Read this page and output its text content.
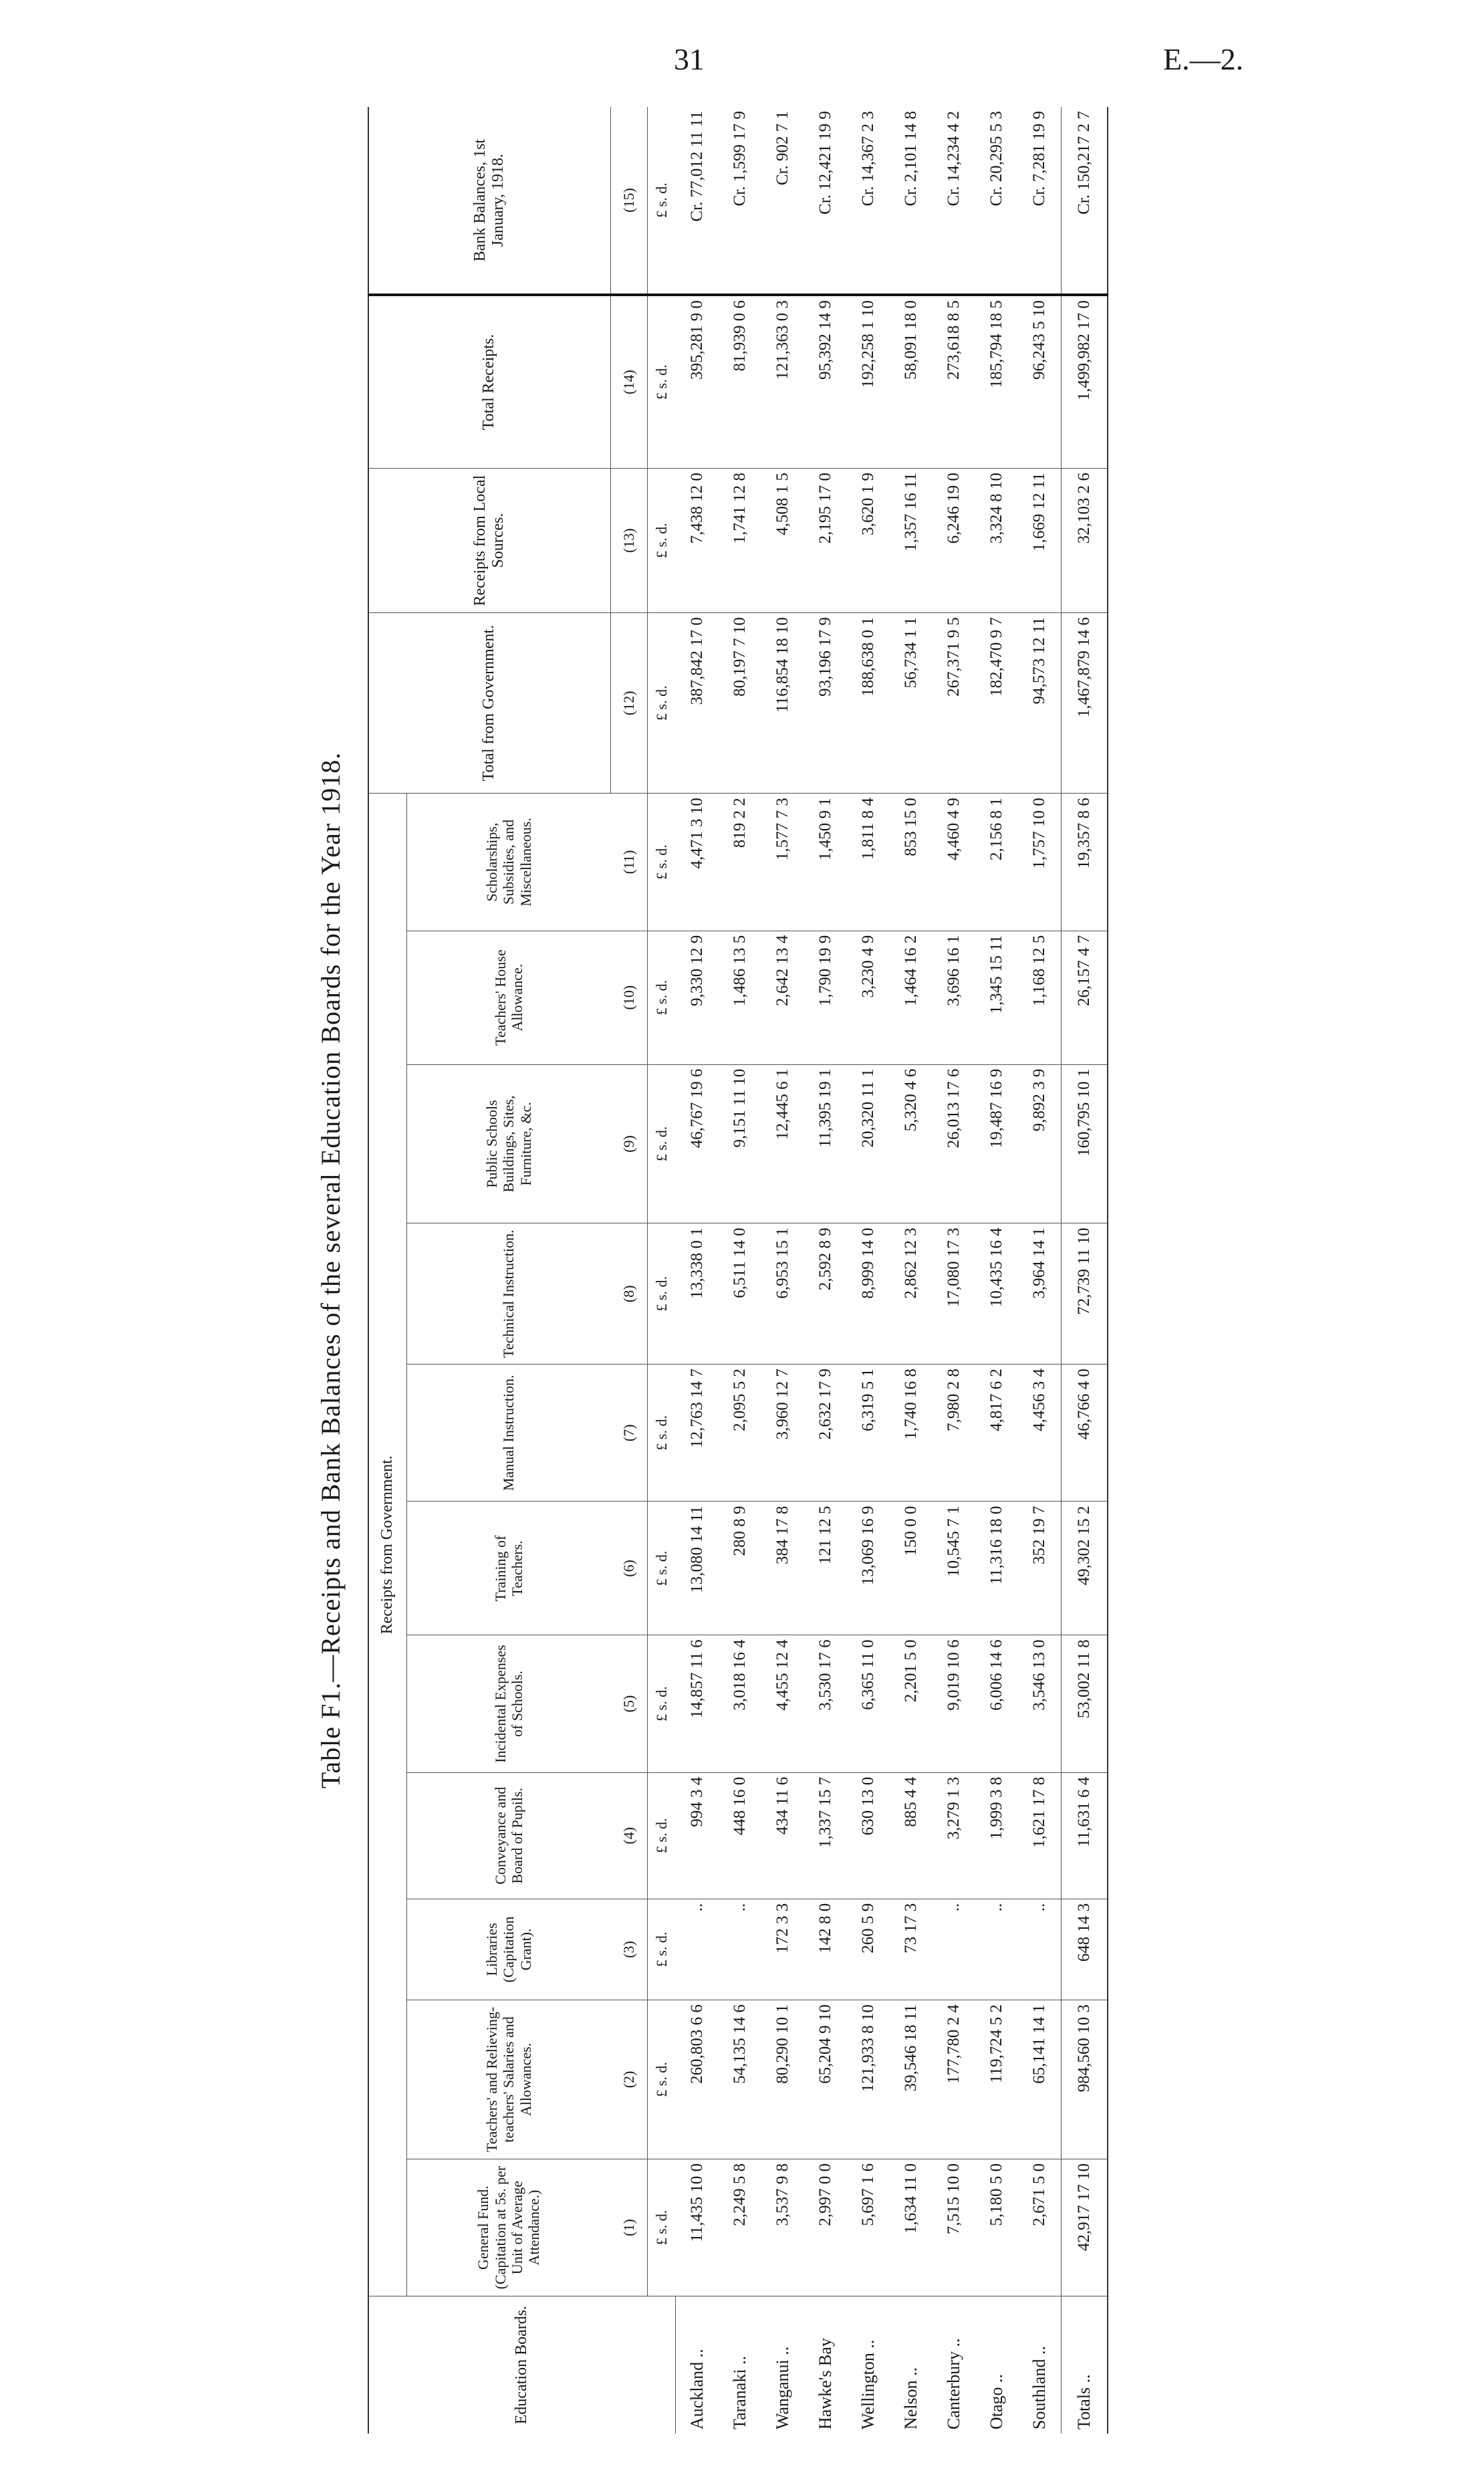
31	E.—2.
Table F1.—Receipts and Bank Balances of the several Education Boards for the Year 1918.
Education Boards.	Receipts from Government.											Total from Government.	Receipts from Local Sources.	Total Receipts.	Bank Balances, 1st January, 1918.
	General Fund. (Capitation at 5s. per Unit of Average Attendance.)	Teachers' and Relieving-teachers' Salaries and Allowances.	Libraries (Capitation Grant).	Conveyance and Board of Pupils.	Incidental Expenses of Schools.	Training of Teachers.	Manual Instruction.	Technical Instruction.	Public Schools Buildings, Sites, Furniture, &c.	Teachers' House Allowance.	Scholarships, Subsidies, and Miscellaneous.				
	(1)	(2)	(3)	(4)	(5)	(6)	(7)	(8)	(9)	(10)	(11)	(12)	(13)	(14)	(15)
	£ s. d.	£ s. d.	£ s. d.	£ s. d.	£ s. d.	£ s. d.	£ s. d.	£ s. d.	£ s. d.	£ s. d.	£ s. d.	£ s. d.	£ s. d.	£ s. d.	£ s. d.
Auckland ..	11,435 10 0	260,803 6 6	..	994 3 4	14,857 11 6	13,080 14 11	12,763 14 7	13,338 0 1	46,767 19 6	9,330 12 9	4,471 3 10	387,842 17 0	7,438 12 0	395,281 9 0	Cr. 77,012 11 11
Taranaki ..	2,249 5 8	54,135 14 6	..	448 16 0	3,018 16 4	280 8 9	2,095 5 2	6,511 14 0	9,151 11 10	1,486 13 5	819 2 2	80,197 7 10	1,741 12 8	81,939 0 6	Cr. 1,599 17 9
Wanganui ..	3,537 9 8	80,290 10 1	172 3 3	434 11 6	4,455 12 4	384 17 8	3,960 12 7	6,953 15 1	12,445 6 1	2,642 13 4	1,577 7 3	116,854 18 10	4,508 1 5	121,363 0 3	Cr. 902 7 1
Hawke's Bay	2,997 0 0	65,204 9 10	142 8 0	1,337 15 7	3,530 17 6	121 12 5	2,632 17 9	2,592 8 9	11,395 19 1	1,790 19 9	1,450 9 1	93,196 17 9	2,195 17 0	95,392 14 9	Cr. 12,421 19 9
Wellington ..	5,697 1 6	121,933 8 10	260 5 9	630 13 0	6,365 11 0	13,069 16 9	6,319 5 1	8,999 14 0	20,320 11 1	3,230 4 9	1,811 8 4	188,638 0 1	3,620 1 9	192,258 1 10	Cr. 14,367 2 3
Nelson ..	1,634 11 0	39,546 18 11	73 17 3	885 4 4	2,201 5 0	150 0 0	1,740 16 8	2,862 12 3	5,320 4 6	1,464 16 2	853 15 0	56,734 1 1	1,357 16 11	58,091 18 0	Cr. 2,101 14 8
Canterbury ..	7,515 10 0	177,780 2 4	..	3,279 1 3	9,019 10 6	10,545 7 1	7,980 2 8	17,080 17 3	26,013 17 6	3,696 16 1	4,460 4 9	267,371 9 5	6,246 19 0	273,618 8 5	Cr. 14,234 4 2
Otago ..	5,180 5 0	119,724 5 2	..	1,999 3 8	6,006 14 6	11,316 18 0	4,817 6 2	10,435 16 4	19,487 16 9	1,345 15 11	2,156 8 1	182,470 9 7	3,324 8 10	185,794 18 5	Cr. 20,295 5 3
Southland ..	2,671 5 0	65,141 14 1	..	1,621 17 8	3,546 13 0	352 19 7	4,456 3 4	3,964 14 1	9,892 3 9	1,168 12 5	1,757 10 0	94,573 12 11	1,669 12 11	96,243 5 10	Cr. 7,281 19 9
Totals ..	42,917 17 10	984,560 10 3	648 14 3	11,631 6 4	53,002 11 8	49,302 15 2	46,766 4 0	72,739 11 10	160,795 10 1	26,157 4 7	19,357 8 6	1,467,879 14 6	32,103 2 6	1,499,982 17 0	Cr. 150,217 2 7
